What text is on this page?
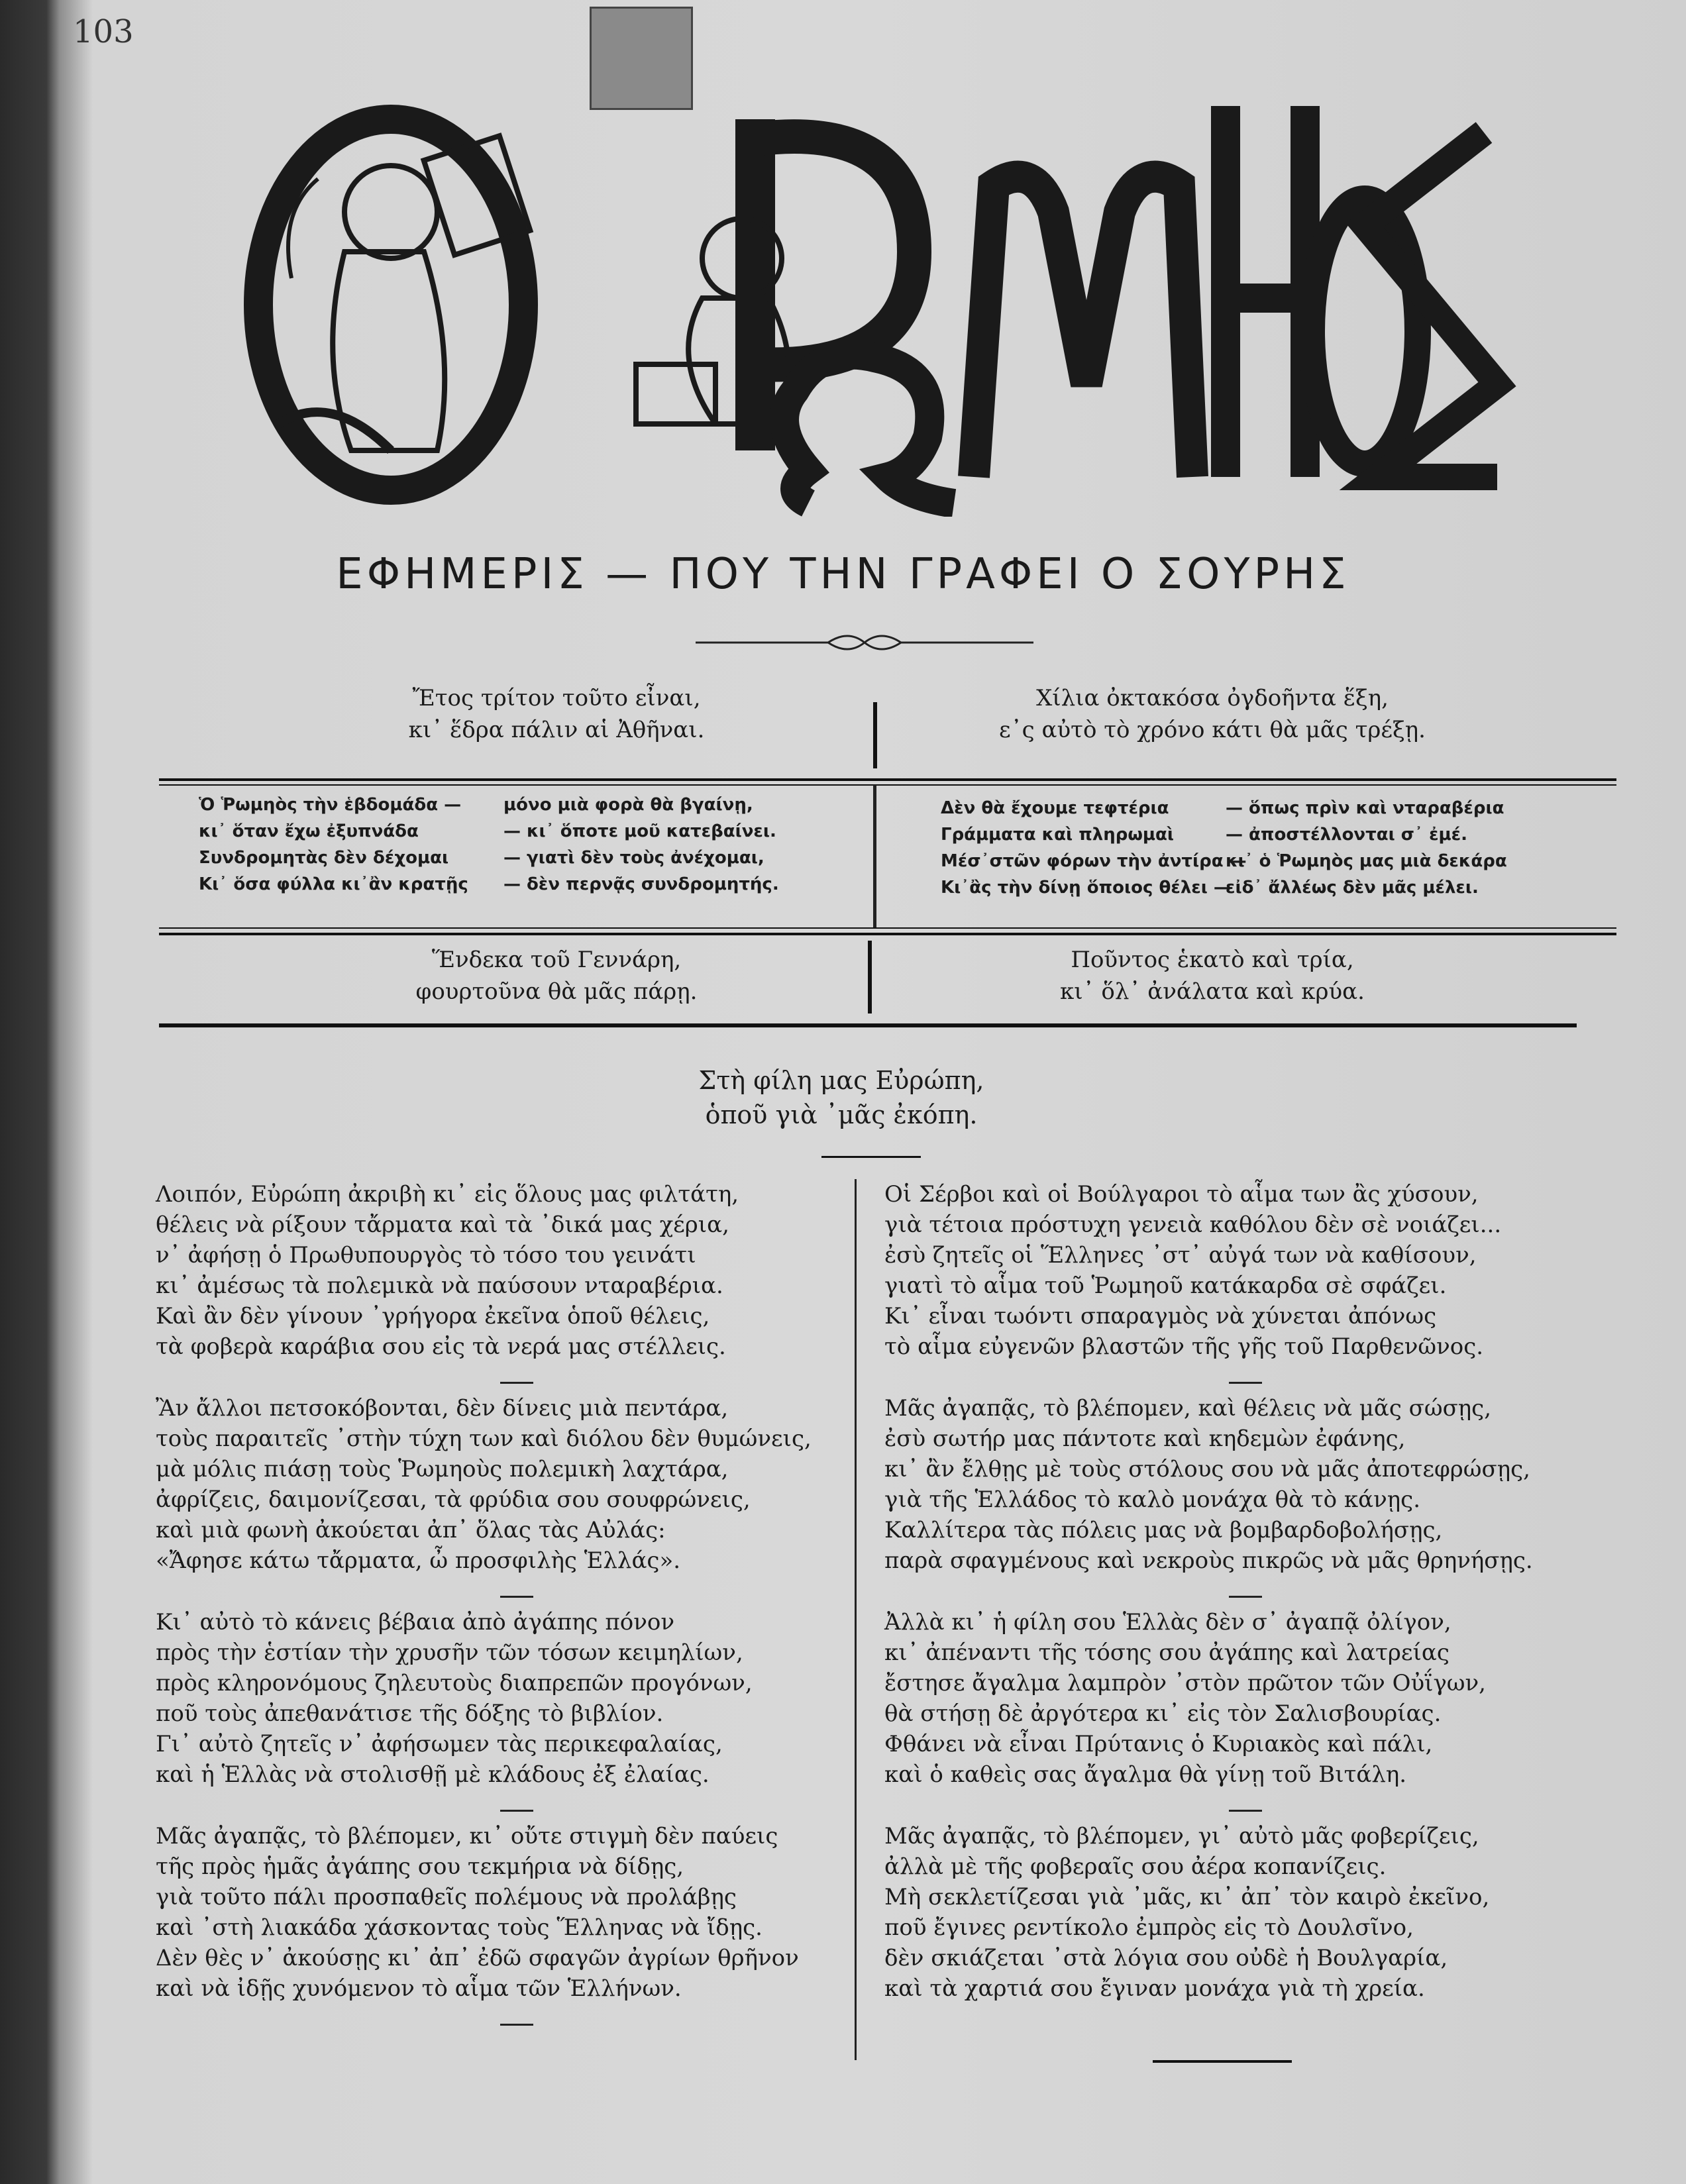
103
ΕΦΗΜΕΡΙΣ — ΠΟΥ ΤΗΝ ΓΡΑΦΕΙ Ο ΣΟΥΡΗΣ
Ἔτος τρίτον τοῦτο εἶναι,
κι᾽ ἕδρα πάλιν αἱ Ἀθῆναι.
Χίλια ὀκτακόσα ὀγδοῆντα ἕξη,
ε᾽ς αὐτὸ τὸ χρόνο κάτι θὰ μᾶς τρέξῃ.
Ὁ Ῥωμηὸς τὴν ἑβδομάδα — μόνο μιὰ φορὰ θὰ βγαίνῃ,
κι᾽ ὅταν ἔχω ἐξυπνάδα	— κι᾽ ὅποτε μοῦ κατεβαίνει.
Συνδρομητὰς δὲν δέχομαι	— γιατὶ δὲν τοὺς ἀνέχομαι,
Κι᾽ ὅσα φύλλα κι᾽ἂν κρατῇς — δὲν περνᾷς συνδρομητής.
Δὲν θὰ ἔχουμε τεφτέρια	— ὅπως πρὶν καὶ νταραβέρια
Γράμματα καὶ πληρωμαὶ	— ἀποστέλλονται σ᾽ ἐμέ.
Μέσ᾽στῶν φόρων τὴν ἀντίρα —κι᾽ ὁ Ῥωμηὸς μας μιὰ δεκάρα
Κι᾽ἂς τὴν δίνῃ ὅποιος θέλει —εἰδ᾽ ἄλλέως δὲν μᾶς μέλει.
Ἕνδεκα τοῦ Γεννάρη,
φουρτοῦνα θὰ μᾶς πάρῃ.
Ποῦντος ἑκατὸ καὶ τρία,
κι᾽ ὅλ᾽ ἀνάλατα καὶ κρύα.
Στὴ φίλη μας Εὐρώπη,
ὁποῦ γιὰ ᾽μᾶς ἐκόπη.
Λοιπόν, Εὐρώπη ἀκριβὴ κι᾽ εἰς ὅλους μας φιλτάτη,
θέλεις νὰ ρίξουν τἄρματα καὶ τὰ ᾽δικά μας χέρια,
ν᾽ ἀφήσῃ ὁ Πρωθυπουργὸς τὸ τόσο του γεινάτι
κι᾽ ἀμέσως τὰ πολεμικὰ νὰ παύσουν νταραβέρια.
Καὶ ἂν δὲν γίνουν ᾽γρήγορα ἐκεῖνα ὁποῦ θέλεις,
τὰ φοβερὰ καράβια σου εἰς τὰ νερά μας στέλλεις.
Ἂν ἄλλοι πετσοκόβονται, δὲν δίνεις μιὰ πεντάρα,
τοὺς παραιτεῖς ᾽στὴν τύχη των καὶ διόλου δὲν θυμώνεις,
μὰ μόλις πιάσῃ τοὺς Ῥωμηοὺς πολεμικὴ λαχτάρα,
ἀφρίζεις, δαιμονίζεσαι, τὰ φρύδια σου σουφρώνεις,
καὶ μιὰ φωνὴ ἀκούεται ἀπ᾽ ὅλας τὰς Αὐλάς:
«Ἄφησε κάτω τἄρματα, ὦ προσφιλὴς Ἑλλάς».
Κι᾽ αὐτὸ τὸ κάνεις βέβαια ἀπὸ ἀγάπης πόνον
πρὸς τὴν ἑστίαν τὴν χρυσῆν τῶν τόσων κειμηλίων,
πρὸς κληρονόμους ζηλευτοὺς διαπρεπῶν προγόνων,
ποῦ τοὺς ἀπεθανάτισε τῆς δόξης τὸ βιβλίον.
Γι᾽ αὐτὸ ζητεῖς ν᾽ ἀφήσωμεν τὰς περικεφαλαίας,
καὶ ἡ Ἑλλὰς νὰ στολισθῇ μὲ κλάδους ἐξ ἐλαίας.
Μᾶς ἀγαπᾷς, τὸ βλέπομεν, κι᾽ οὔτε στιγμὴ δὲν παύεις
τῆς πρὸς ἡμᾶς ἀγάπης σου τεκμήρια νὰ δίδῃς,
γιὰ τοῦτο πάλι προσπαθεῖς πολέμους νὰ προλάβῃς
καὶ ᾽στὴ λιακάδα χάσκοντας τοὺς Ἕλληνας νὰ ἴδῃς.
Δὲν θὲς ν᾽ ἀκούσῃς κι᾽ ἀπ᾽ ἐδῶ σφαγῶν ἀγρίων θρῆνον
καὶ νὰ ἰδῇς χυνόμενον τὸ αἷμα τῶν Ἑλλήνων.
Οἱ Σέρβοι καὶ οἱ Βούλγαροι τὸ αἷμα των ἂς χύσουν,
γιὰ τέτοια πρόστυχη γενειὰ καθόλου δὲν σὲ νοιάζει...
ἐσὺ ζητεῖς οἱ Ἕλληνες ᾽στ᾽ αὐγά των νὰ καθίσουν,
γιατὶ τὸ αἷμα τοῦ Ῥωμηοῦ κατάκαρδα σὲ σφάζει.
Κι᾽ εἶναι τωόντι σπαραγμὸς νὰ χύνεται ἀπόνως
τὸ αἷμα εὐγενῶν βλαστῶν τῆς γῆς τοῦ Παρθενῶνος.
Μᾶς ἀγαπᾷς, τὸ βλέπομεν, καὶ θέλεις νὰ μᾶς σώσῃς,
ἐσὺ σωτήρ μας πάντοτε καὶ κηδεμὼν ἐφάνης,
κι᾽ ἂν ἔλθῃς μὲ τοὺς στόλους σου νὰ μᾶς ἀποτεφρώσῃς,
γιὰ τῆς Ἑλλάδος τὸ καλὸ μονάχα θὰ τὸ κάνῃς.
Καλλίτερα τὰς πόλεις μας νὰ βομβαρδοβολήσῃς,
παρὰ σφαγμένους καὶ νεκροὺς πικρῶς νὰ μᾶς θρηνήσῃς.
Ἀλλὰ κι᾽ ἡ φίλη σου Ἑλλὰς δὲν σ᾽ ἀγαπᾷ ὀλίγον,
κι᾽ ἀπέναντι τῆς τόσης σου ἀγάπης καὶ λατρείας
ἔστησε ἄγαλμα λαμπρὸν ᾽στὸν πρῶτον τῶν Οὐΐγων,
θὰ στήσῃ δὲ ἀργότερα κι᾽ εἰς τὸν Σαλισβουρίας.
Φθάνει νὰ εἶναι Πρύτανις ὁ Κυριακὸς καὶ πάλι,
καὶ ὁ καθεὶς σας ἄγαλμα θὰ γίνῃ τοῦ Βιτάλη.
Μᾶς ἀγαπᾷς, τὸ βλέπομεν, γι᾽ αὐτὸ μᾶς φοβερίζεις,
ἀλλὰ μὲ τῆς φοβεραῖς σου ἀέρα κοπανίζεις.
Μὴ σεκλετίζεσαι γιὰ ᾽μᾶς, κι᾽ ἀπ᾽ τὸν καιρὸ ἐκεῖνο,
ποῦ ἔγινες ρεντίκολο ἐμπρὸς εἰς τὸ Δουλσῖνο,
δὲν σκιάζεται ᾽στὰ λόγια σου οὐδὲ ἡ Βουλγαρία,
καὶ τὰ χαρτιά σου ἔγιναν μονάχα γιὰ τὴ χρεία.
